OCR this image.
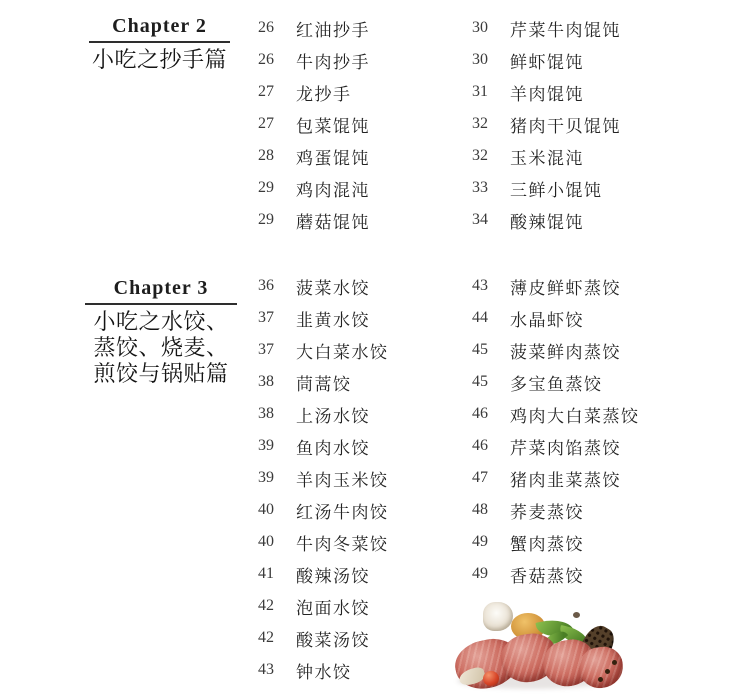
Chapter 2
小吃之抄手篇
26	红油抄手
26	牛肉抄手
27	龙抄手
27	包菜馄饨
28	鸡蛋馄饨
29	鸡肉混沌
29	蘑菇馄饨
30	芹菜牛肉馄饨
30	鲜虾馄饨
31	羊肉馄饨
32	猪肉干贝馄饨
32	玉米混沌
33	三鲜小馄饨
34	酸辣馄饨
Chapter 3
小吃之水饺、
蒸饺、烧麦、
煎饺与锅贴篇
36	菠菜水饺
37	韭黄水饺
37	大白菜水饺
38	茼蒿饺
38	上汤水饺
39	鱼肉水饺
39	羊肉玉米饺
40	红汤牛肉饺
40	牛肉冬菜饺
41	酸辣汤饺
42	泡面水饺
42	酸菜汤饺
43	钟水饺
43	薄皮鲜虾蒸饺
44	水晶虾饺
45	菠菜鲜肉蒸饺
45	多宝鱼蒸饺
46	鸡肉大白菜蒸饺
46	芹菜肉馅蒸饺
47	猪肉韭菜蒸饺
48	荞麦蒸饺
49	蟹肉蒸饺
49	香菇蒸饺
